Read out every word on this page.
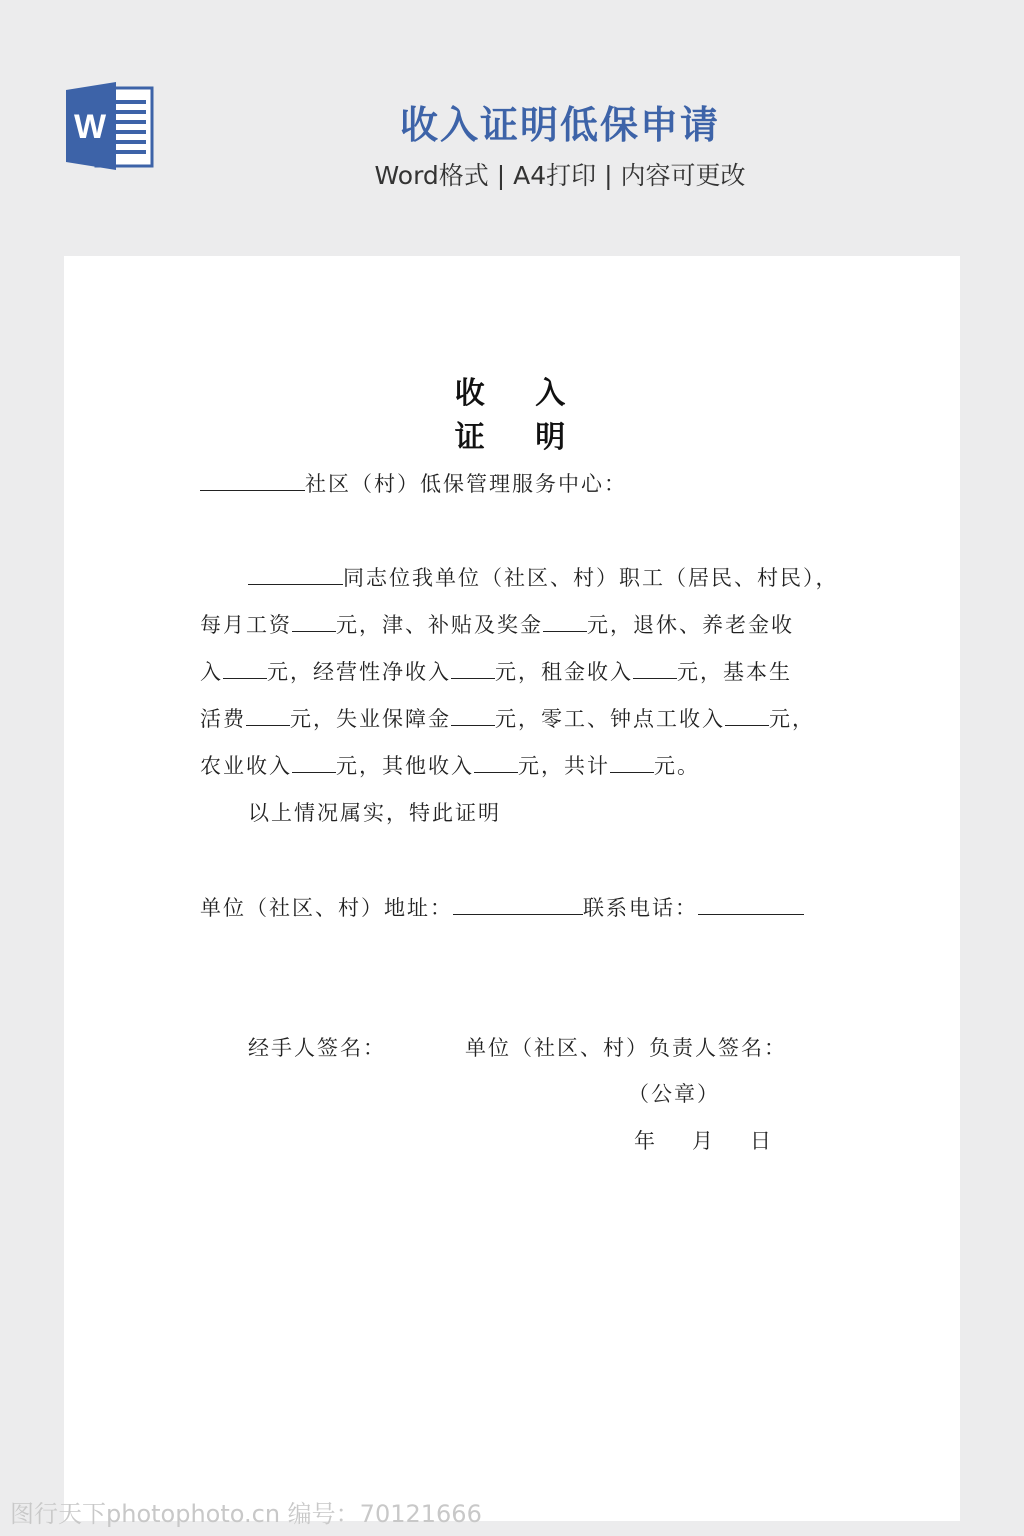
W	收入证明低保申请
Word格式 | A4打印 | 内容可更改
收 入 证 明
社区（村）低保管理服务中心：
同志位我单位（社区、村）职工（居民、村民），
每月工资 元，津、补贴及奖金 元，退休、养老金收
入 元，经营性净收入 元，租金收入 元，基本生
活费 元，失业保障金 元，零工、钟点工收入 元，
农业收入 元，其他收入 元，共计 元。
以上情况属实，特此证明
单位（社区、村）地址：	联系电话：
经手人签名：	单位（社区、村）负责人签名：
（公章）
年　月　日
图行天下photophoto.cn 编号：70121666
